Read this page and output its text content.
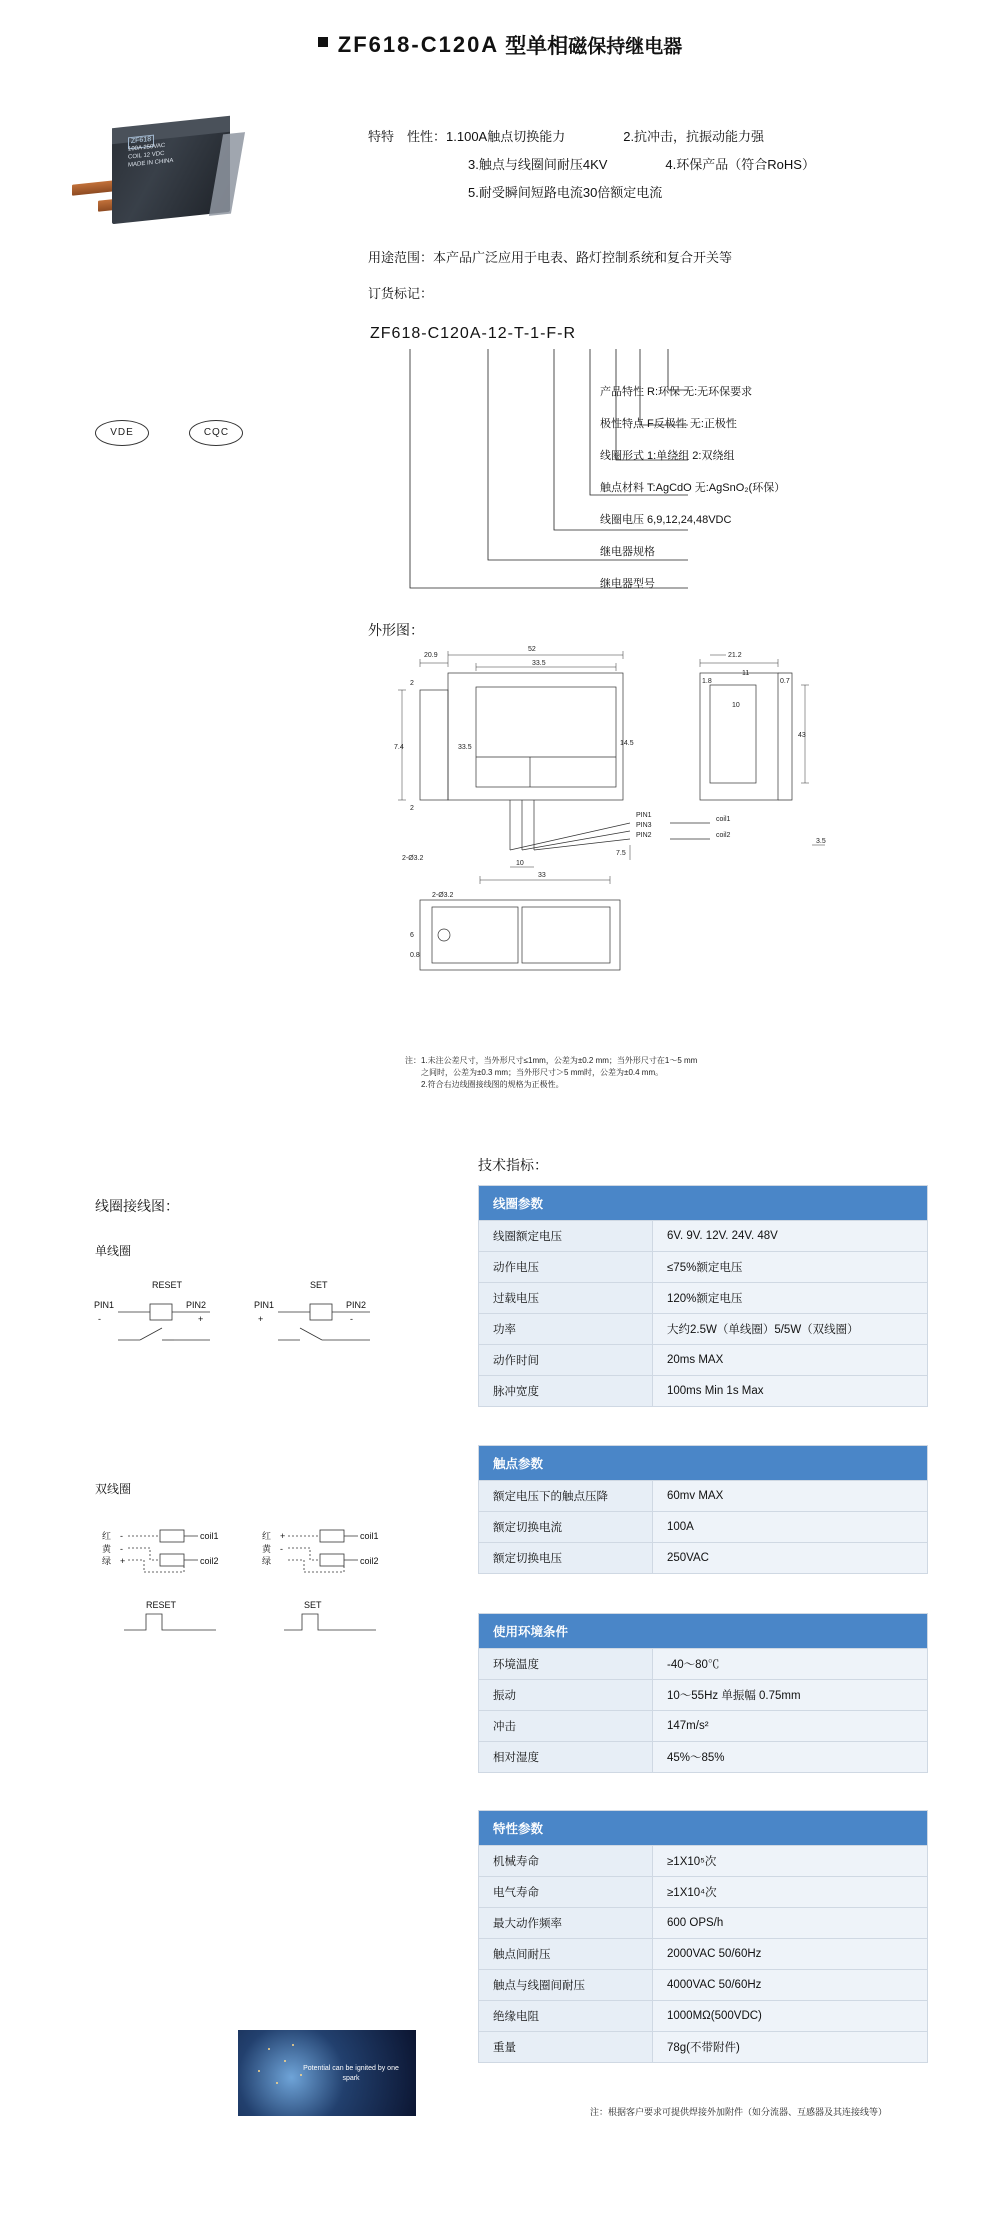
ZF618-C120A 型单相磁保持继电器
ZF618
100A 250VAC
COIL 12 VDC
MADE IN CHINA
VDE	CQC
特特　性性：1.100A触点切换能力	2.抗冲击，抗振动能力强
3.触点与线圈间耐压4KV	4.环保产品（符合RoHS）
5.耐受瞬间短路电流30倍额定电流
用途范围：本产品广泛应用于电表、路灯控制系统和复合开关等
订货标记：
ZF618-C120A-12-T-1-F-R
产品特性 R:环保 无:无环保要求
极性特点 F反极性 无:正极性
线圈形式 1:单绕组 2:双绕组
触点材料 T:AgCdO 无:AgSnO₂(环保）
线圈电压 6,9,12,24,48VDC
继电器规格
继电器型号
外形图：
20.9
52
33.5
2
2
7.4	33.5
14.5
21.2
1.8
11
0.7
10
43
7.5
33
10
3.5
2-Ø3.2
2-Ø3.2
6
0.8
PIN1
PIN3
PIN2
coil1
coil2
注：1.未注公差尺寸，当外形尺寸≤1mm，公差为±0.2 mm；当外形尺寸在1～5 mm
　　之间时，公差为±0.3 mm；当外形尺寸＞5 mm时，公差为±0.4 mm。
　　2.符合右边线圈接线图的规格为正极性。
线圈接线图：
单线圈
双线圈
RESET	SET
PIN1	PIN2	PIN1	PIN2
-	+	+	-
红
黄
绿
-
-
+
coil1
coil2
红
黄
绿
+
-
coil1
coil2
RESET	SET
技术指标：
线圈参数	
线圈额定电压	6V. 9V. 12V. 24V. 48V
动作电压	≤75%额定电压
过载电压	120%额定电压
功率	大约2.5W（单线圈）5/5W（双线圈）
动作时间	20ms MAX
脉冲宽度	100ms Min 1s Max
触点参数	
额定电压下的触点压降	60mv MAX
额定切换电流	100A
额定切换电压	250VAC
使用环境条件	
环境温度	-40～80℃
振动	10～55Hz 单振幅 0.75mm
冲击	147m/s²
相对湿度	45%～85%
特性参数	
机械寿命	≥1X10⁵次
电气寿命	≥1X10⁴次
最大动作频率	600 OPS/h
触点间耐压	2000VAC 50/60Hz
触点与线圈间耐压	4000VAC 50/60Hz
绝缘电阻	1000MΩ(500VDC)
重量	78g(不带附件)
注：根据客户要求可提供焊接外加附件（如分流器、互感器及其连接线等）
Potential can be ignited by one spark
